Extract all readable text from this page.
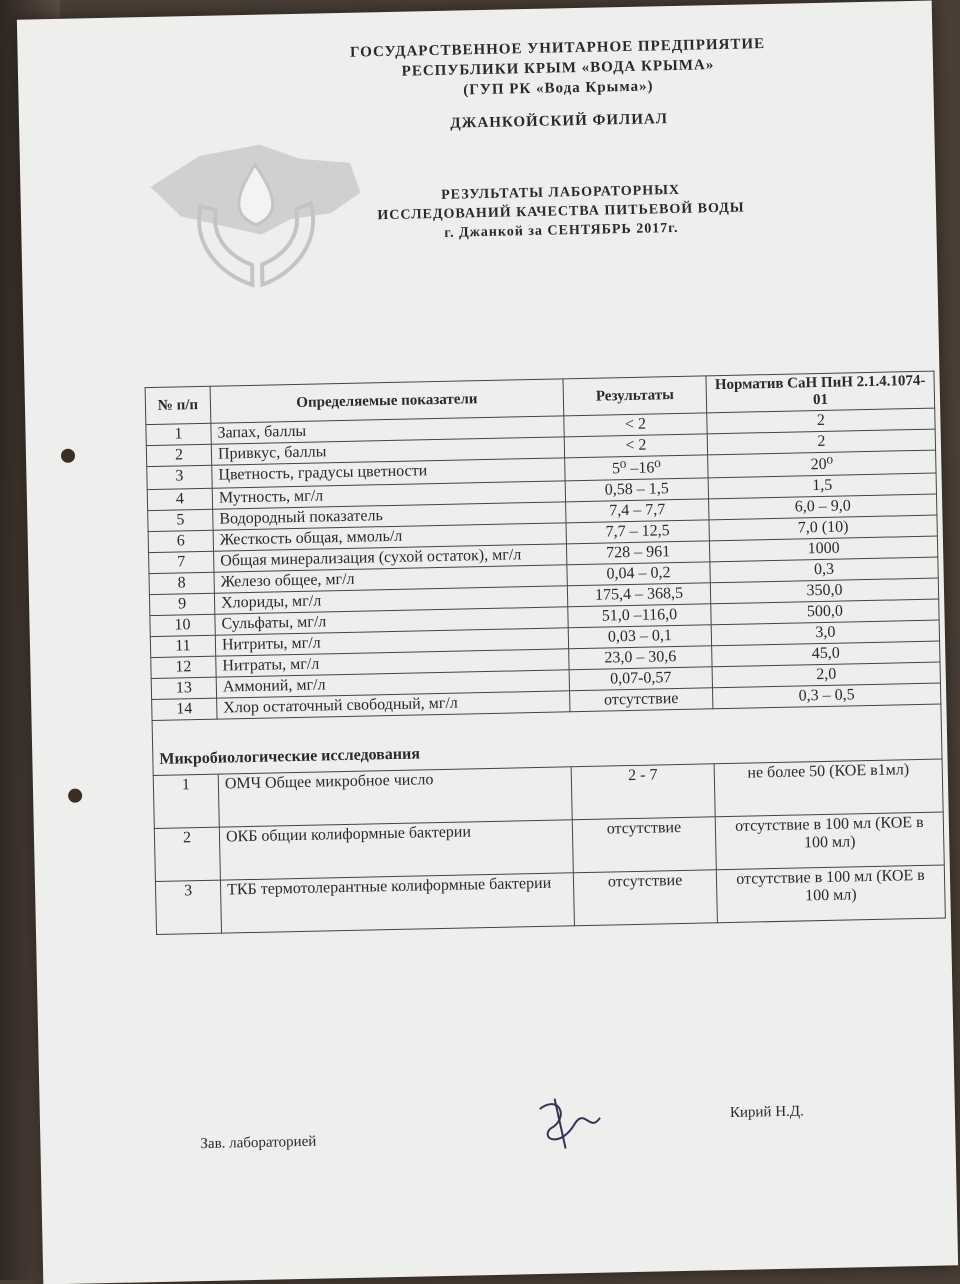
ГОСУДАРСТВЕННОЕ УНИТАРНОЕ ПРЕДПРИЯТИЕ
РЕСПУБЛИКИ КРЫМ «ВОДА КРЫМА»
(ГУП РК «Вода Крыма»)
ДЖАНКОЙСКИЙ ФИЛИАЛ
РЕЗУЛЬТАТЫ ЛАБОРАТОРНЫХ
ИССЛЕДОВАНИЙ КАЧЕСТВА ПИТЬЕВОЙ ВОДЫ
г. Джанкой за СЕНТЯБРЬ 2017г.
№ п/п	Определяемые показатели	Результаты	Норматив СаН ПиН 2.1.4.1074-01
1	Запах, баллы	< 2	2
2	Привкус, баллы	< 2	2
3	Цветность, градусы цветности	5⁰ –16⁰	20⁰
4	Мутность, мг/л	0,58 – 1,5	1,5
5	Водородный показатель	7,4 – 7,7	6,0 – 9,0
6	Жесткость общая, ммоль/л	7,7 – 12,5	7,0 (10)
7	Общая минерализация (сухой остаток), мг/л	728 – 961	1000
8	Железо общее, мг/л	0,04 – 0,2	0,3
9	Хлориды, мг/л	175,4 – 368,5	350,0
10	Сульфаты, мг/л	51,0 –116,0	500,0
11	Нитриты, мг/л	0,03 – 0,1	3,0
12	Нитраты, мг/л	23,0 – 30,6	45,0
13	Аммоний, мг/л	0,07-0,57	2,0
14	Хлор остаточный свободный, мг/л	отсутствие	0,3 – 0,5
Микробиологические исследования			
1	ОМЧ Общее микробное число	2 - 7	не более 50 (КОЕ в1мл)
2	ОКБ общии колиформные бактерии	отсутствие	отсутствие в 100 мл (КОЕ в 100 мл)
3	ТКБ термотолерантные колиформные бактерии	отсутствие	отсутствие в 100 мл (КОЕ в 100 мл)
Зав. лабораторией
Кирий Н.Д.
